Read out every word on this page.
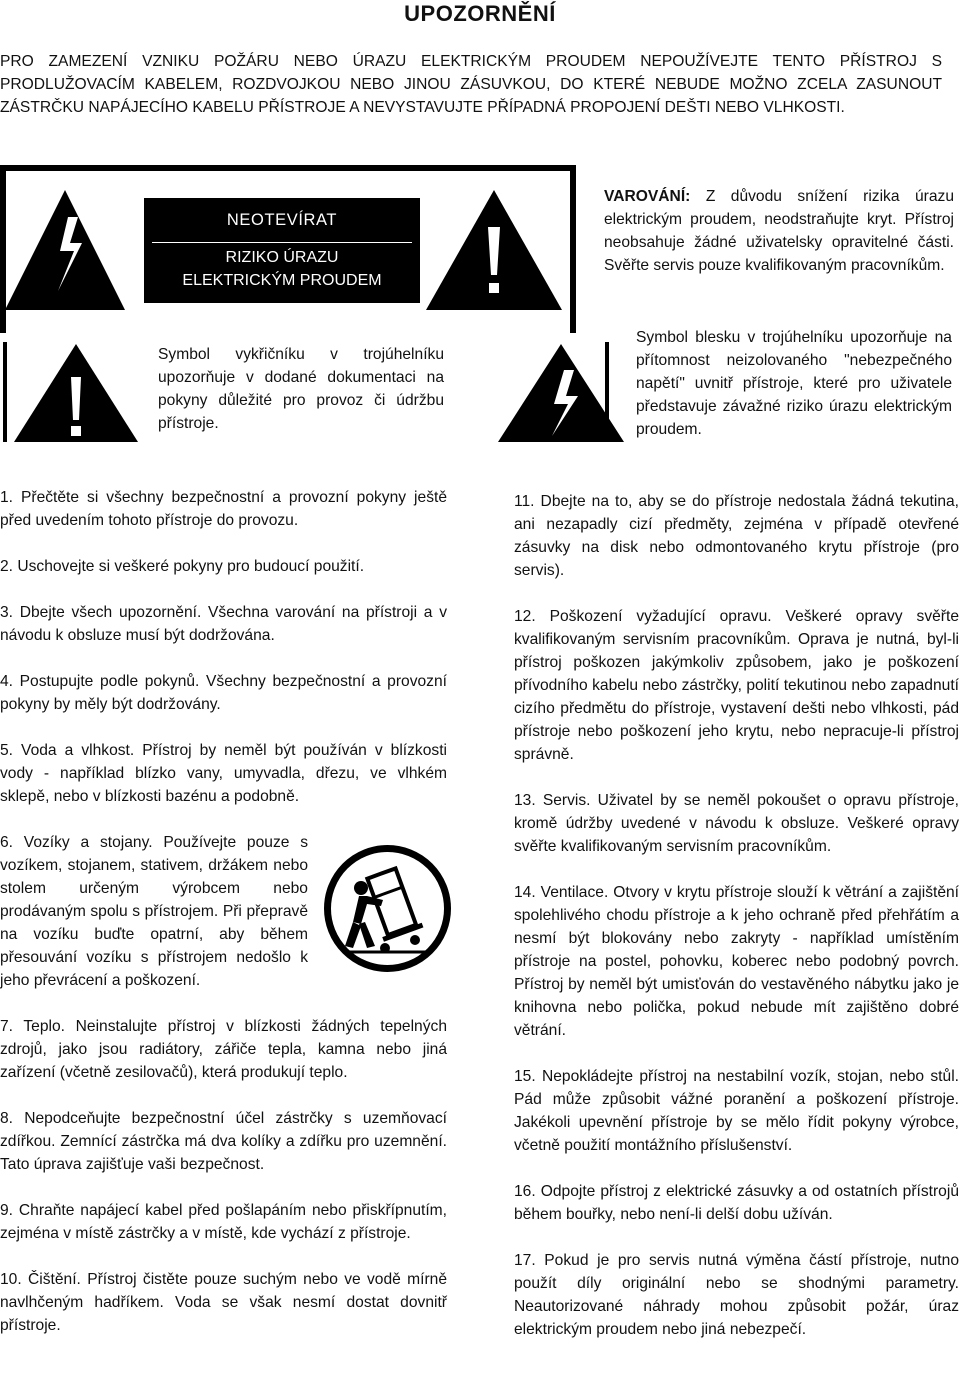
UPOZORNĚNÍ
PRO ZAMEZENÍ VZNIKU POŽÁRU NEBO ÚRAZU ELEKTRICKÝM PROUDEM NEPOUŽÍVEJTE TENTO PŘÍSTROJ S PRODLUŽOVACÍM KABELEM, ROZDVOJKOU NEBO JINOU ZÁSUVKOU, DO KTERÉ NEBUDE MOŽNO ZCELA ZASUNOUT ZÁSTRČKU NAPÁJECÍHO KABELU PŘÍSTROJE A NEVYSTAVUJTE PŘÍPADNÁ PROPOJENÍ DEŠTI NEBO VLHKOSTI.
NEOTEVÍRAT
RIZIKO ÚRAZU
ELEKTRICKÝM PROUDEM
VAROVÁNÍ: Z důvodu snížení rizika úrazu elektrickým proudem, neodstraňujte kryt. Přístroj neobsahuje žádné uživatelsky opravitelné části. Svěřte servis pouze kvalifikovaným pracovníkům.
Symbol vykřičníku v trojúhelníku upozorňuje v dodané dokumentaci na pokyny důležité pro provoz či údržbu přístroje.
Symbol blesku v trojúhelníku upozorňuje na přítomnost neizolovaného "nebezpečného napětí" uvnitř přístroje, které pro uživatele představuje závažné riziko úrazu elektrickým proudem.

1. Přečtěte si všechny bezpečnostní a provozní pokyny ještě před uvedením tohoto přístroje do provozu.

2. Uschovejte si veškeré pokyny pro budoucí použití.

3. Dbejte všech upozornění. Všechna varování na přístroji a v návodu k obsluze musí být dodržována.

4. Postupujte podle pokynů. Všechny bezpečnostní a provozní pokyny by měly být dodržovány.

5. Voda a vlhkost. Přístroj by neměl být používán v blízkosti vody - například blízko vany, umyvadla, dřezu, ve vlhkém sklepě, nebo v blízkosti bazénu a podobně.

6. Vozíky a stojany. Používejte pouze s vozíkem, stojanem, stativem, držákem nebo stolem určeným výrobcem nebo prodávaným spolu s přístrojem. Při přepravě na vozíku buďte opatrní, aby během přesouvání vozíku s přístrojem nedošlo k jeho převrácení a poškození.

7. Teplo. Neinstalujte přístroj v blízkosti žádných tepelných zdrojů, jako jsou radiátory, zářiče tepla, kamna nebo jiná zařízení (včetně zesilovačů), která produkují teplo.

8. Nepodceňujte bezpečnostní účel zástrčky s uzemňovací zdířkou. Zemnící zástrčka má dva kolíky a zdířku pro uzemnění. Tato úprava zajišťuje vaši bezpečnost.

9. Chraňte napájecí kabel před pošlapáním nebo přiskřípnutím, zejména v místě zástrčky a v místě, kde vychází z přístroje.

10. Čištění. Přístroj čistěte pouze suchým nebo ve vodě mírně navlhčeným hadříkem. Voda se však nesmí dostat dovnitř přístroje.

11. Dbejte na to, aby se do přístroje nedostala žádná tekutina, ani nezapadly cizí předměty, zejména v případě otevřené zásuvky na disk nebo odmontovaného krytu přístroje (pro servis).

12. Poškození vyžadující opravu. Veškeré opravy svěřte kvalifikovaným servisním pracovníkům. Oprava je nutná, byl-li přístroj poškozen jakýmkoliv způsobem, jako je poškození přívodního kabelu nebo zástrčky, polití tekutinou nebo zapadnutí cizího předmětu do přístroje, vystavení dešti nebo vlhkosti, pád přístroje nebo poškození jeho krytu, nebo nepracuje-li přístroj správně.

13. Servis. Uživatel by se neměl pokoušet o opravu přístroje, kromě údržby uvedené v návodu k obsluze. Veškeré opravy svěřte kvalifikovaným servisním pracovníkům.

14. Ventilace. Otvory v krytu přístroje slouží k větrání a zajištění spolehlivého chodu přístroje a k jeho ochraně před přehřátím a nesmí být blokovány nebo zakryty - například umístěním přístroje na postel, pohovku, koberec nebo podobný povrch. Přístroj by neměl být umisťován do vestavěného nábytku jako je knihovna nebo polička, pokud nebude mít zajištěno dobré větrání.

15. Nepokládejte přístroj na nestabilní vozík, stojan, nebo stůl. Pád může způsobit vážné poranění a poškození přístroje. Jakékoli upevnění přístroje by se mělo řídit pokyny výrobce, včetně použití montážního příslušenství.

16. Odpojte přístroj z elektrické zásuvky a od ostatních přístrojů během bouřky, nebo není-li delší dobu užíván.

17. Pokud je pro servis nutná výměna částí přístroje, nutno použít díly originální nebo se shodnými parametry. Neautorizované náhrady mohou způsobit požár, úraz elektrickým proudem nebo jiná nebezpečí.
